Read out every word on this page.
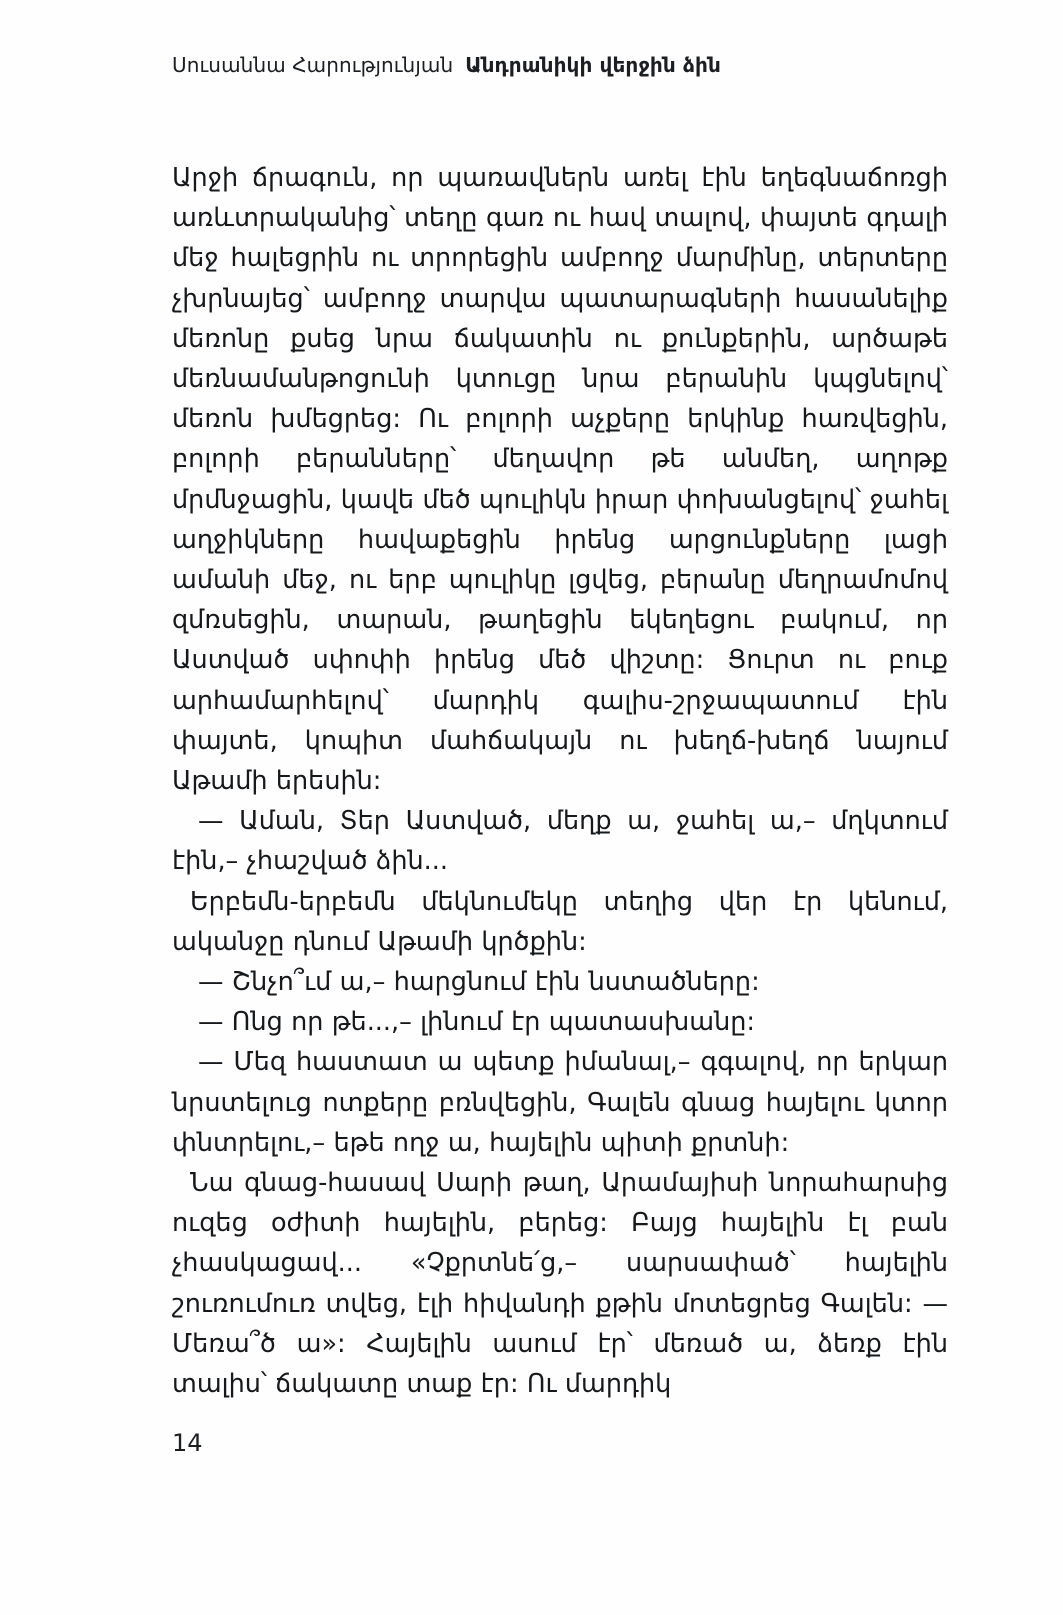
Սուսաննա Հարությունյան Անդրանիկի վերջին ձին

Արջի ճրագուն, որ պառավներն առել էին եղեգնաճոռցի առևտրականից՝ տեղը գառ ու հավ տալով, փայտե գդալի մեջ հալեցրին ու տրորեցին ամբողջ մարմինը, տերտերը չխրնայեց՝ ամբողջ տարվա պատարագների հասանելիք մեռոնը քսեց նրա ճակատին ու քունքերին, արծաթե մեռնամանթոցունի կտուցը նրա բերանին կպցնելով՝ մեռոն խմեցրեց: Ու բոլորի աչքերը երկինք հառվեցին, բոլորի բերանները՝ մեղավոր թե անմեղ, աղոթք մրմնջացին, կավե մեծ պուլիկն իրար փոխանցելով՝ ջահել աղջիկները հավաքեցին իրենց արցունքները լացի ամանի մեջ, ու երբ պուլիկը լցվեց, բերանը մեղրամոմով զմռսեցին, տարան, թաղեցին եկեղեցու բակում, որ Աստված սփոփի իրենց մեծ վիշտը: Ցուրտ ու բուք արհամարհելով՝ մարդիկ գալիս-շրջապատում էին փայտե, կոպիտ մահճակայն ու խեղճ-խեղճ նայում Աթամի երեսին:

— Աման, Տեր Աստված, մեղք ա, ջահել ա,– մղկտում էին,– չհաշված ձին...

Երբեմն-երբեմն մեկնումեկը տեղից վեր էր կենում, ականջը դնում Աթամի կրծքին:

— Շնչո՞ւմ ա,– հարցնում էին նստածները:

— Ոնց որ թե...,– լինում էր պատասխանը:

— Մեզ հաստատ ա պետք իմանալ,– գգալով, որ երկար նրստելուց ոտքերը բռնվեցին, Գալեն գնաց հայելու կտոր փնտրելու,– եթե ողջ ա, հայելին պիտի քրտնի:

Նա գնաց-հասավ Սարի թաղ, Արամայիսի նորահարսից ուզեց օժիտի հայելին, բերեց: Բայց հայելին էլ բան չհասկացավ... «Չքրտնե՛ց,– սարսափած՝ հայելին շուռումուռ տվեց, էլի հիվանդի քթին մոտեցրեց Գալեն: — Մեռա՞ծ ա»: Հայելին ասում էր՝ մեռած ա, ձեռք էին տալիս՝ ճակատը տաք էր: Ու մարդիկ

14
